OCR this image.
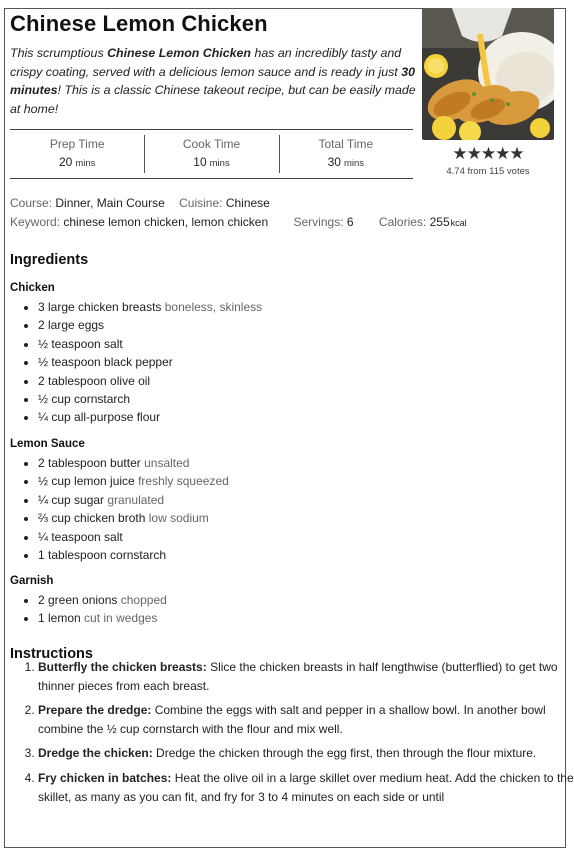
Chinese Lemon Chicken

This scrumptious Chinese Lemon Chicken has an incredibly tasty and crispy coating, served with a delicious lemon sauce and is ready in just 30 minutes! This is a classic Chinese takeout recipe, but can be easily made at home!

Prep Time
20 mins
Cook Time
10 mins
Total Time
30 mins
★★★★★
4.74 from 115 votes
Course: Dinner, Main Course Cuisine: Chinese
Keyword: chinese lemon chicken, lemon chicken Servings: 6 Calories: 255kcal
Ingredients
Chicken
• 3 large chicken breasts boneless, skinless
• 2 large eggs
• ½ teaspoon salt
• ½ teaspoon black pepper
• 2 tablespoon olive oil
• ½ cup cornstarch
• ¼ cup all-purpose flour
Lemon Sauce
• 2 tablespoon butter unsalted
• ½ cup lemon juice freshly squeezed
• ¼ cup sugar granulated
• ⅔ cup chicken broth low sodium
• ¼ teaspoon salt
• 1 tablespoon cornstarch
Garnish
• 2 green onions chopped
• 1 lemon cut in wedges
Instructions
1. Butterfly the chicken breasts: Slice the chicken breasts in half lengthwise (butterflied) to get two thinner pieces from each breast.
2. Prepare the dredge: Combine the eggs with salt and pepper in a shallow bowl. In another bowl combine the ½ cup cornstarch with the flour and mix well.
3. Dredge the chicken: Dredge the chicken through the egg first, then through the flour mixture.
4. Fry chicken in batches: Heat the olive oil in a large skillet over medium heat. Add the chicken to the skillet, as many as you can fit, and fry for 3 to 4 minutes on each side or until
